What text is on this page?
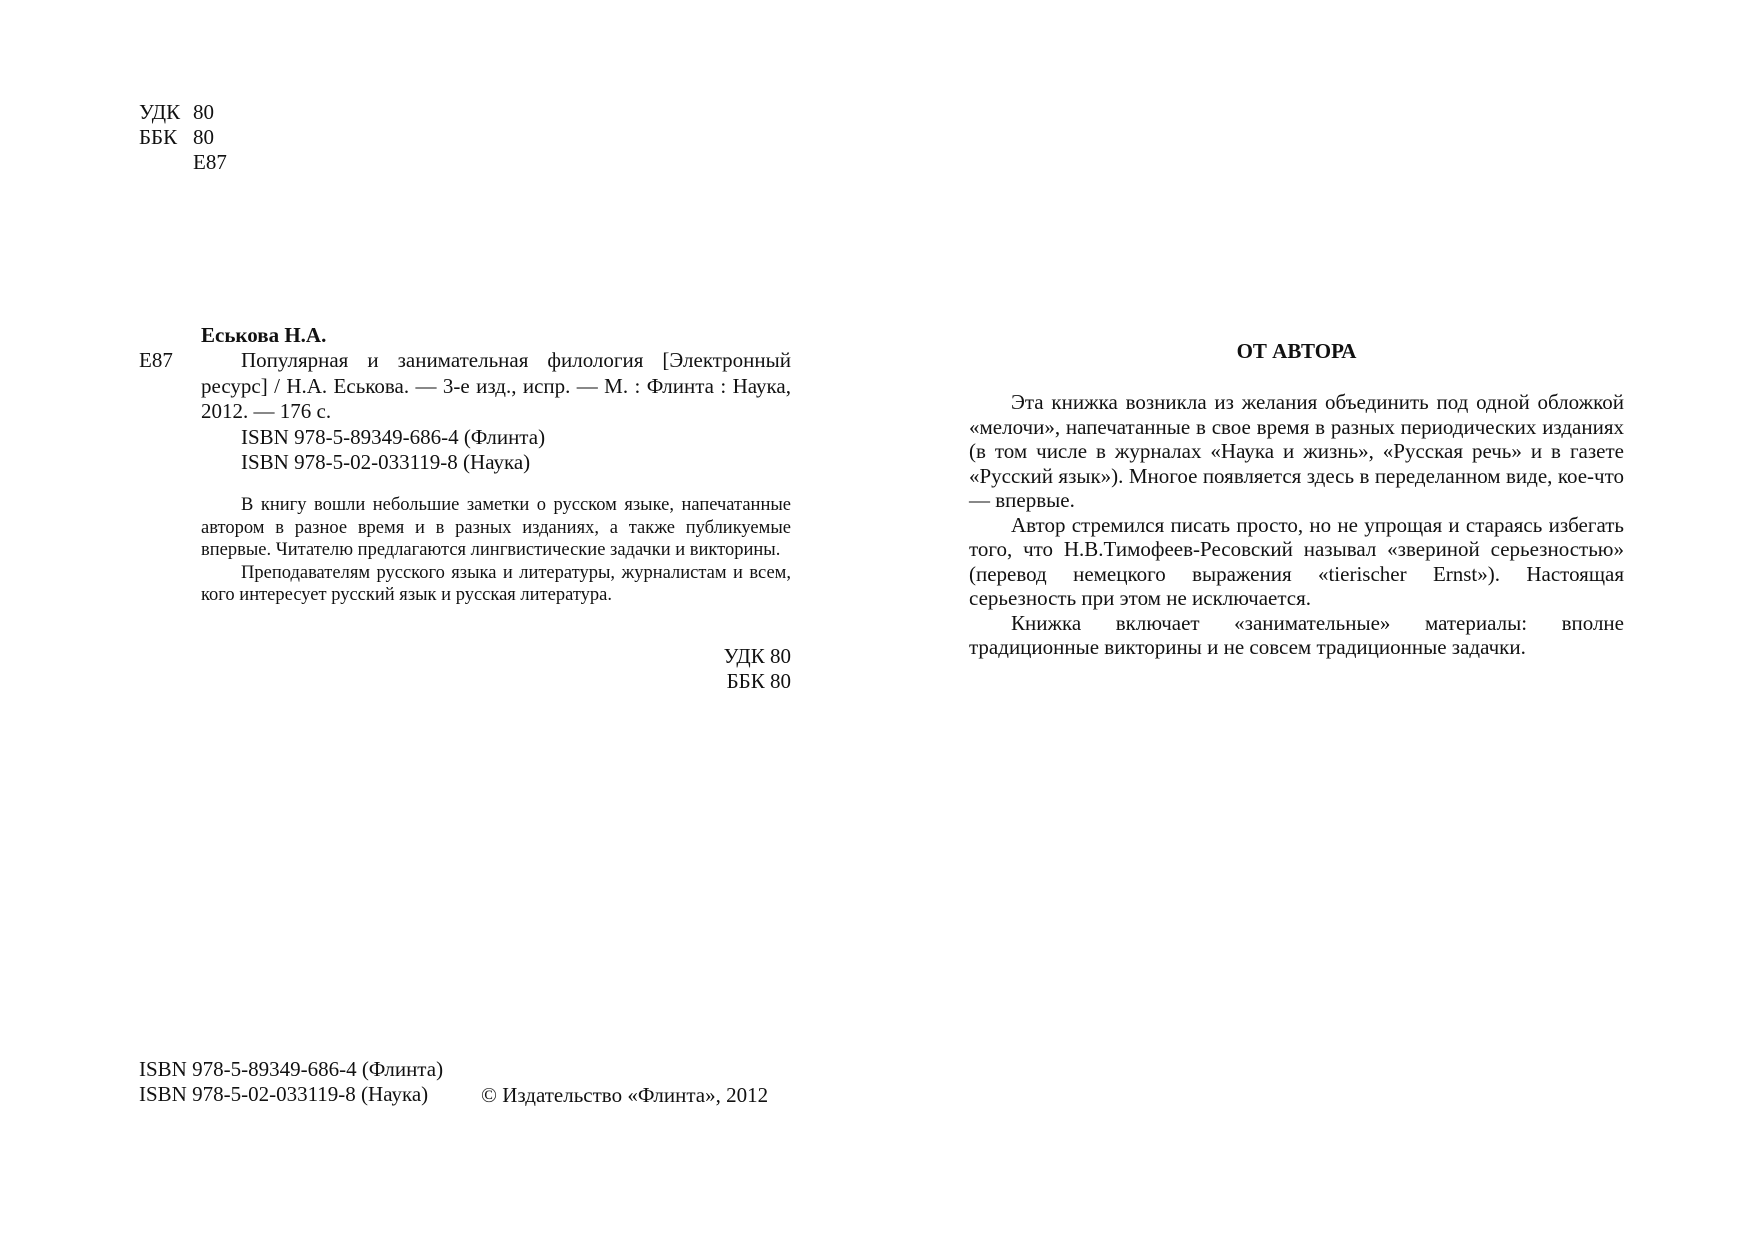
УДК 80
ББК 80
Е87
Еськова Н.А.
Е87	Популярная и занимательная филология [Электронный ресурс] / Н.А. Еськова. — 3-е изд., испр. — М. : Флинта : Наука, 2012. — 176 с.
ISBN 978-5-89349-686-4 (Флинта)
ISBN 978-5-02-033119-8 (Наука)

В книгу вошли небольшие заметки о русском языке, напечатанные автором в разное время и в разных изданиях, а также публикуемые впервые. Читателю предлагаются лингвистические задачки и викторины.

Преподавателям русского языка и литературы, журналистам и всем, кого интересует русский язык и русская литература.

УДК 80
ББК 80
ISBN 978-5-89349-686-4 (Флинта)
ISBN 978-5-02-033119-8 (Наука)	© Издательство «Флинта», 2012
ОТ АВТОРА

Эта книжка возникла из желания объединить под одной обложкой «мелочи», напечатанные в свое время в разных периодических изданиях (в том числе в журналах «Наука и жизнь», «Русская речь» и в газете «Русский язык»). Многое появляется здесь в переделанном виде, кое-что — впервые.

Автор стремился писать просто, но не упрощая и стараясь избегать того, что Н.В.Тимофеев-Ресовский называл «звериной серьезностью» (перевод немецкого выражения «tierischer Ernst»). Настоящая серьезность при этом не исключается.

Книжка включает «занимательные» материалы: вполне традиционные викторины и не совсем традиционные задачки.
